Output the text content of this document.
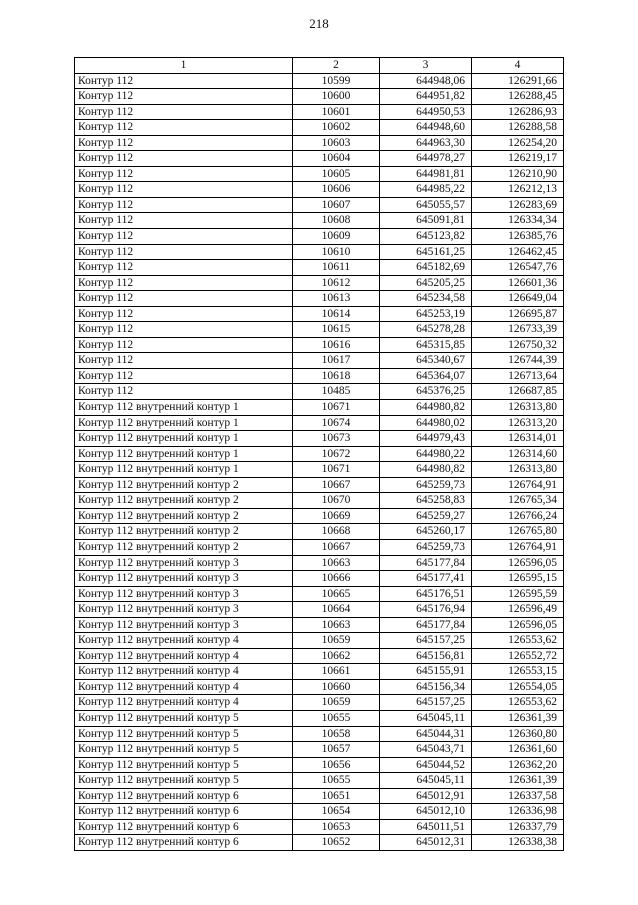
218
1	2	3	4
Контур 112	10599	644948,06	126291,66
Контур 112	10600	644951,82	126288,45
Контур 112	10601	644950,53	126286,93
Контур 112	10602	644948,60	126288,58
Контур 112	10603	644963,30	126254,20
Контур 112	10604	644978,27	126219,17
Контур 112	10605	644981,81	126210,90
Контур 112	10606	644985,22	126212,13
Контур 112	10607	645055,57	126283,69
Контур 112	10608	645091,81	126334,34
Контур 112	10609	645123,82	126385,76
Контур 112	10610	645161,25	126462,45
Контур 112	10611	645182,69	126547,76
Контур 112	10612	645205,25	126601,36
Контур 112	10613	645234,58	126649,04
Контур 112	10614	645253,19	126695,87
Контур 112	10615	645278,28	126733,39
Контур 112	10616	645315,85	126750,32
Контур 112	10617	645340,67	126744,39
Контур 112	10618	645364,07	126713,64
Контур 112	10485	645376,25	126687,85
Контур 112 внутренний контур 1	10671	644980,82	126313,80
Контур 112 внутренний контур 1	10674	644980,02	126313,20
Контур 112 внутренний контур 1	10673	644979,43	126314,01
Контур 112 внутренний контур 1	10672	644980,22	126314,60
Контур 112 внутренний контур 1	10671	644980,82	126313,80
Контур 112 внутренний контур 2	10667	645259,73	126764,91
Контур 112 внутренний контур 2	10670	645258,83	126765,34
Контур 112 внутренний контур 2	10669	645259,27	126766,24
Контур 112 внутренний контур 2	10668	645260,17	126765,80
Контур 112 внутренний контур 2	10667	645259,73	126764,91
Контур 112 внутренний контур 3	10663	645177,84	126596,05
Контур 112 внутренний контур 3	10666	645177,41	126595,15
Контур 112 внутренний контур 3	10665	645176,51	126595,59
Контур 112 внутренний контур 3	10664	645176,94	126596,49
Контур 112 внутренний контур 3	10663	645177,84	126596,05
Контур 112 внутренний контур 4	10659	645157,25	126553,62
Контур 112 внутренний контур 4	10662	645156,81	126552,72
Контур 112 внутренний контур 4	10661	645155,91	126553,15
Контур 112 внутренний контур 4	10660	645156,34	126554,05
Контур 112 внутренний контур 4	10659	645157,25	126553,62
Контур 112 внутренний контур 5	10655	645045,11	126361,39
Контур 112 внутренний контур 5	10658	645044,31	126360,80
Контур 112 внутренний контур 5	10657	645043,71	126361,60
Контур 112 внутренний контур 5	10656	645044,52	126362,20
Контур 112 внутренний контур 5	10655	645045,11	126361,39
Контур 112 внутренний контур 6	10651	645012,91	126337,58
Контур 112 внутренний контур 6	10654	645012,10	126336,98
Контур 112 внутренний контур 6	10653	645011,51	126337,79
Контур 112 внутренний контур 6	10652	645012,31	126338,38
